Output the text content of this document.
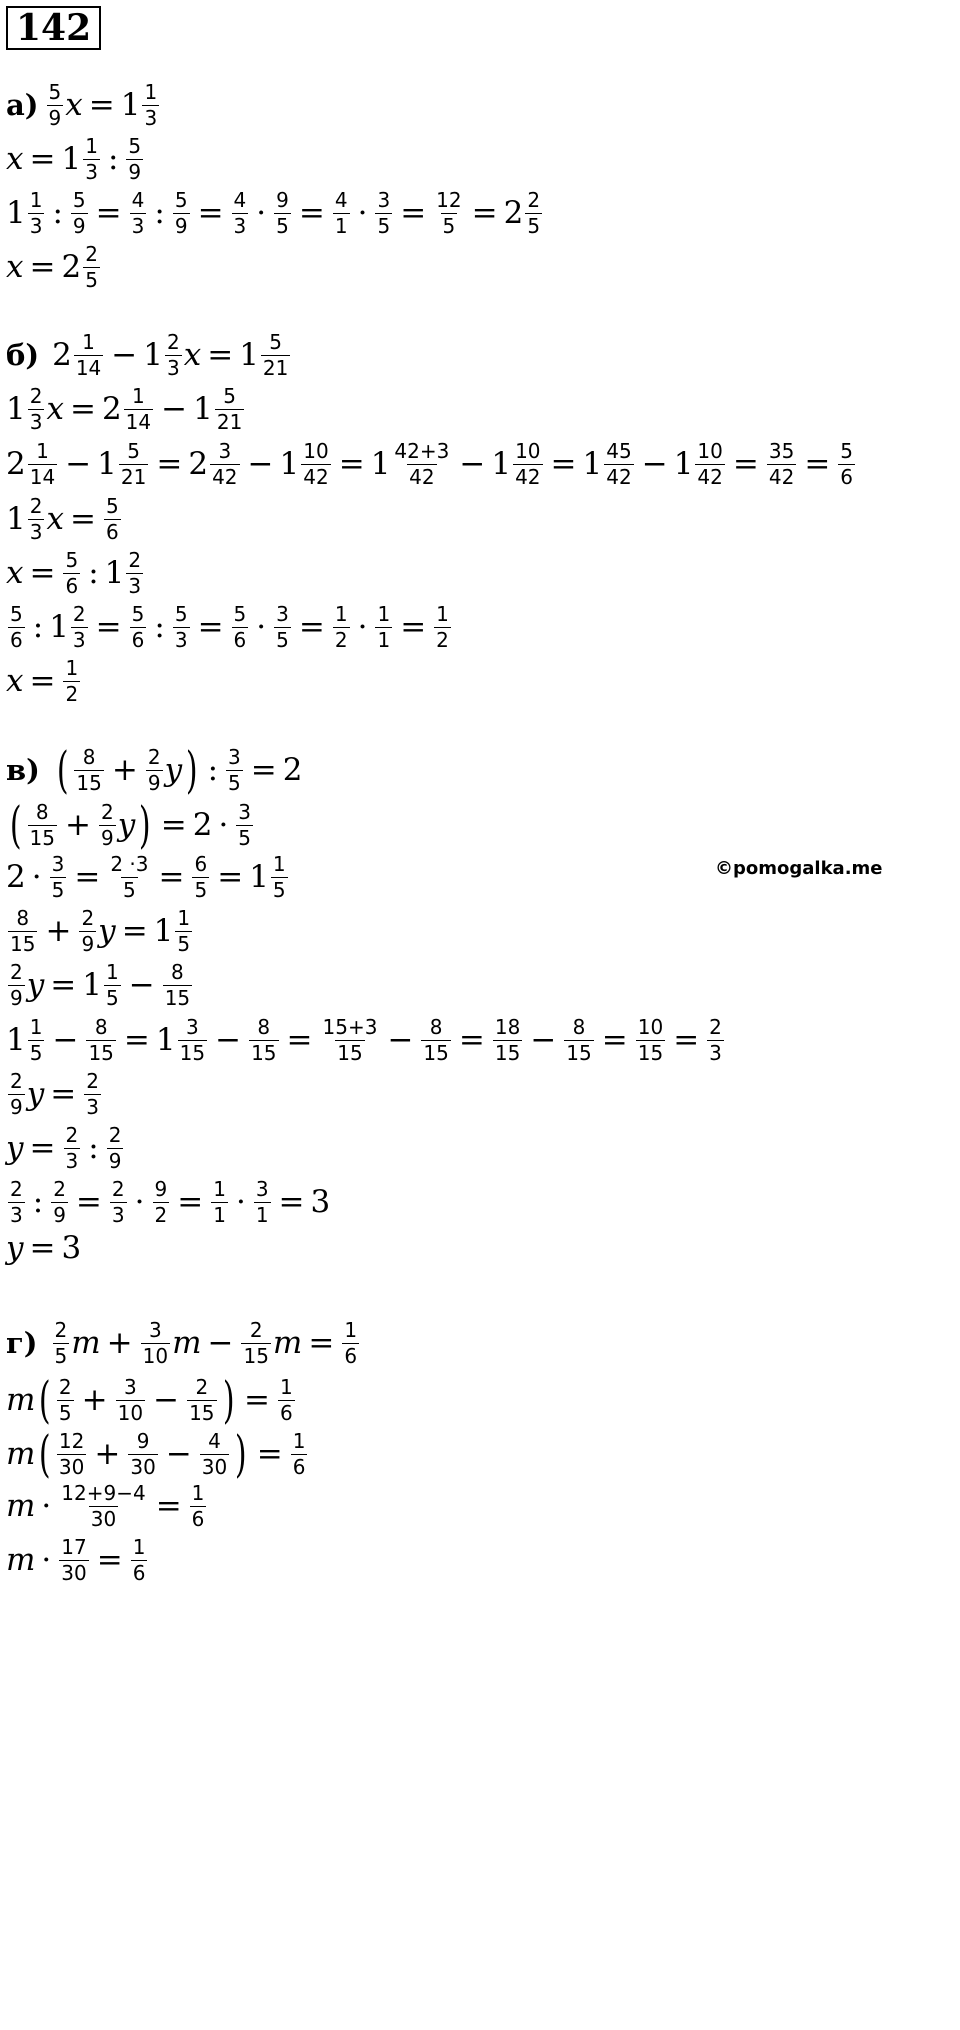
142
©pomogalka.me
$а) \frac{5}{9}$ $x = 1 \frac{1}{3}$
$x = 1 \frac{1}{3}$ : $\frac{5}{9}$
$1 \frac{1}{3}$ : $\frac{5}{9} = \frac{4}{3}$ : $\frac{5}{9} = \frac{4}{3} \cdot \frac{9}{5} = \frac{4}{1} \cdot \frac{3}{5} = \frac{12}{5} = 2 \frac{2}{5}$
$x = 2 \frac{2}{5}$
б) $2 \frac{1}{14} - 1 \frac{2}{3}$ $x = 1 \frac{5}{21}$
$1 \frac{2}{3}$ $x = 2 \frac{1}{14} - 1 \frac{5}{21}$
$2 \frac{1}{14} - 1 \frac{5}{21} = 2 \frac{3}{42} - 1 \frac{10}{42} = 1 \frac{42+3}{42} - 1 \frac{10}{42} = 1 \frac{45}{42} - 1 \frac{10}{42} = \frac{35}{42} = \frac{5}{6}$
$1 \frac{2}{3}$ $x = \frac{5}{6}$
$x = \frac{5}{6}$ : $1 \frac{2}{3}$
$\frac{5}{6}$ : $1 \frac{2}{3} = \frac{5}{6}$ : $\frac{5}{3} = \frac{5}{6} \cdot \frac{3}{5} = \frac{1}{2} \cdot \frac{1}{1} = \frac{1}{2}$
$x = \frac{1}{2}$
в) ( $\frac{8}{15} + \frac{2}{9}$ y ) : $\frac{3}{5} = 2$
( $\frac{8}{15} + \frac{2}{9}$ y ) = $2 \cdot \frac{3}{5}$
$2 \cdot \frac{3}{5} = \frac{2 \cdot 3}{5} = \frac{6}{5} = 1 \frac{1}{5}$
$\frac{8}{15} + \frac{2}{9}$ $y = 1 \frac{1}{5}$
$\frac{2}{9}$ $y = 1 \frac{1}{5} - \frac{8}{15}$
$1 \frac{1}{5} - \frac{8}{15} = 1 \frac{3}{15} - \frac{8}{15} = \frac{15+3}{15} - \frac{8}{15} = \frac{18}{15} - \frac{8}{15} = \frac{10}{15} = \frac{2}{3}$
$\frac{2}{9}$ $y = \frac{2}{3}$
$y = \frac{2}{3}$ : $\frac{2}{9}$
$\frac{2}{3}$ : $\frac{2}{9} = \frac{2}{3} \cdot \frac{9}{2} = \frac{1}{1} \cdot \frac{3}{1} = 3$
y = 3
$г) \frac{2}{5}$ $m + \frac{3}{10}$ $m - \frac{2}{15}$ $m = \frac{1}{6}$
m ( $\frac{2}{5} + \frac{3}{10} - \frac{2}{15}$ ) = $\frac{1}{6}$
m ( $\frac{12}{30} + \frac{9}{30} - \frac{4}{30}$ ) = $\frac{1}{6}$
$m \cdot \frac{12+9-4}{30} = \frac{1}{6}$
$m \cdot \frac{17}{30} = \frac{1}{6}$
